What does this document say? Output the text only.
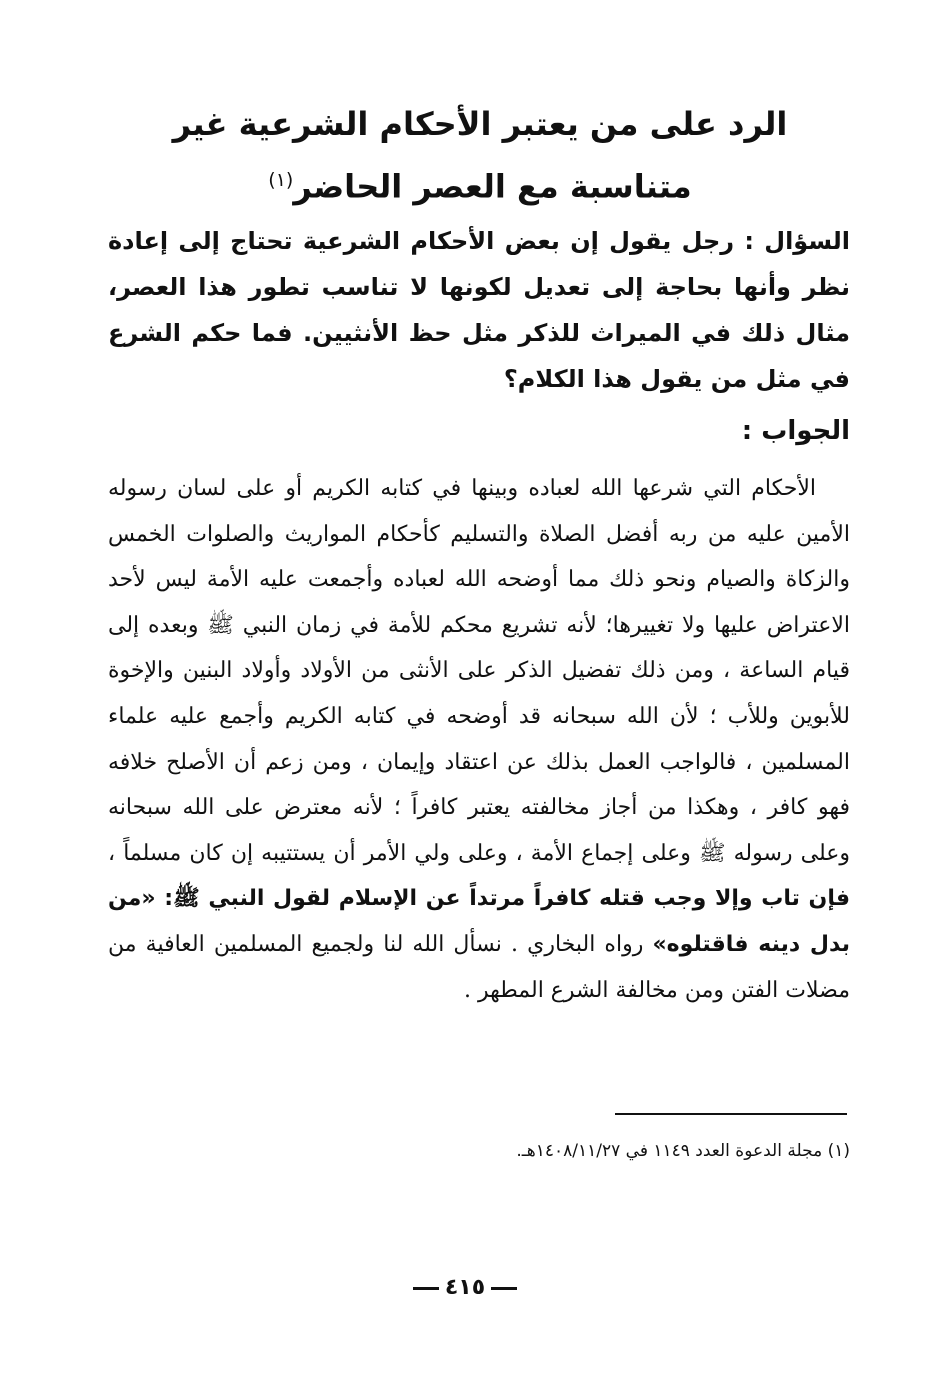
الرد على من يعتبر الأحكام الشرعية غير
متناسبة مع العصر الحاضر$^{(١)}$
السؤال : رجل يقول إن بعض الأحكام الشرعية تحتاج إلى إعادة نظر وأنها بحاجة إلى تعديل لكونها لا تناسب تطور هذا العصر، مثال ذلك في الميراث للذكر مثل حظ الأنثيين. فما حكم الشرع في مثل من يقول هذا الكلام؟
الجواب :
الأحكام التي شرعها الله لعباده وبينها في كتابه الكريم أو على لسان رسوله الأمين عليه من ربه أفضل الصلاة والتسليم كأحكام المواريث والصلوات الخمس والزكاة والصيام ونحو ذلك مما أوضحه الله لعباده وأجمعت عليه الأمة ليس لأحد الاعتراض عليها ولا تغييرها؛ لأنه تشريع محكم للأمة في زمان النبي ﷺ وبعده إلى قيام الساعة ، ومن ذلك تفضيل الذكر على الأنثى من الأولاد وأولاد البنين والإخوة للأبوين وللأب ؛ لأن الله سبحانه قد أوضحه في كتابه الكريم وأجمع عليه علماء المسلمين ، فالواجب العمل بذلك عن اعتقاد وإيمان ، ومن زعم أن الأصلح خلافه فهو كافر ، وهكذا من أجاز مخالفته يعتبر كافراً ؛ لأنه معترض على الله سبحانه وعلى رسوله ﷺ وعلى إجماع الأمة ، وعلى ولي الأمر أن يستتيبه إن كان مسلماً ، فإن تاب وإلا وجب قتله كافراً مرتداً عن الإسلام لقول النبي ﷺ: «من بدل دينه فاقتلوه» رواه البخاري . نسأل الله لنا ولجميع المسلمين العافية من مضلات الفتن ومن مخالفة الشرع المطهر .
(١) مجلة الدعوة العدد ١١٤٩ في ١٤٠٨/١١/٢٧هـ.
٤١٥
